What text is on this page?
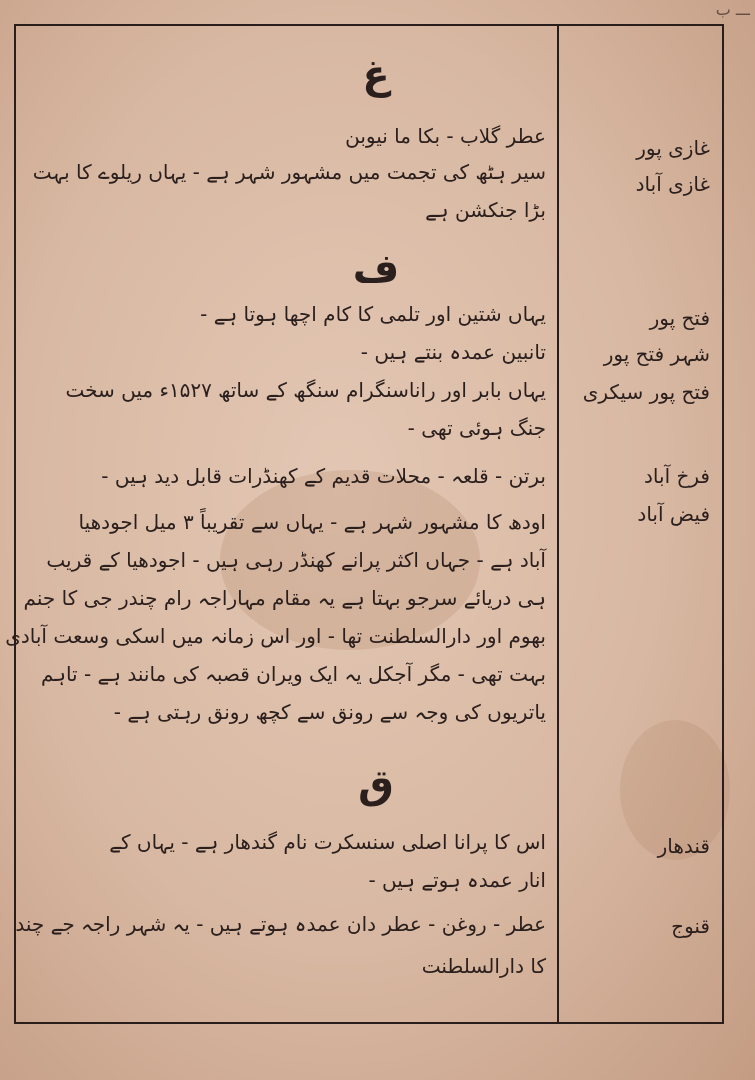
ـــ ب
غازی پور
غازی آباد
فتح پور
شہر فتح پور
فتح پور سیکری
فرخ آباد
فیض آباد
قندھار
قنوج
غ
عطر گلاب - بکا ما نیوبن
سیر ہٹھ کی تجمت میں مشہور شہر ہے - یہاں ریلوے کا بہت
بڑا جنکشن ہے
ف
یہاں شتین اور تلمی کا کام اچھا ہوتا ہے -
تانبین عمدہ بنتے ہیں -
یہاں بابر اور راناسنگرام سنگھ کے ساتھ ۱۵۲۷ء میں سخت
جنگ ہوئی تھی -
برتن - قلعہ - محلات قدیم کے کھنڈرات قابل دید ہیں -
اودھ کا مشہور شہر ہے - یہاں سے تقریباً ۳ میل اجودھیا
آباد ہے - جہاں اکثر پرانے کھنڈر رہی ہیں - اجودھیا کے قریب
ہی دریائے سرجو بہتا ہے یہ مقام مہاراجہ رام چندر جی کا جنم
بھوم اور دارالسلطنت تھا - اور اس زمانہ میں اسکی وسعت آبادی
بہت تھی - مگر آجکل یہ ایک ویران قصبہ کی مانند ہے - تاہم
یاتریوں کی وجہ سے رونق سے کچھ رونق رہتی ہے -
ق
اس کا پرانا اصلی سنسکرت نام گندھار ہے - یہاں کے
انار عمدہ ہوتے ہیں -
عطر - روغن - عطر دان عمدہ ہوتے ہیں - یہ شہر راجہ جے چند
کا دارالسلطنت
